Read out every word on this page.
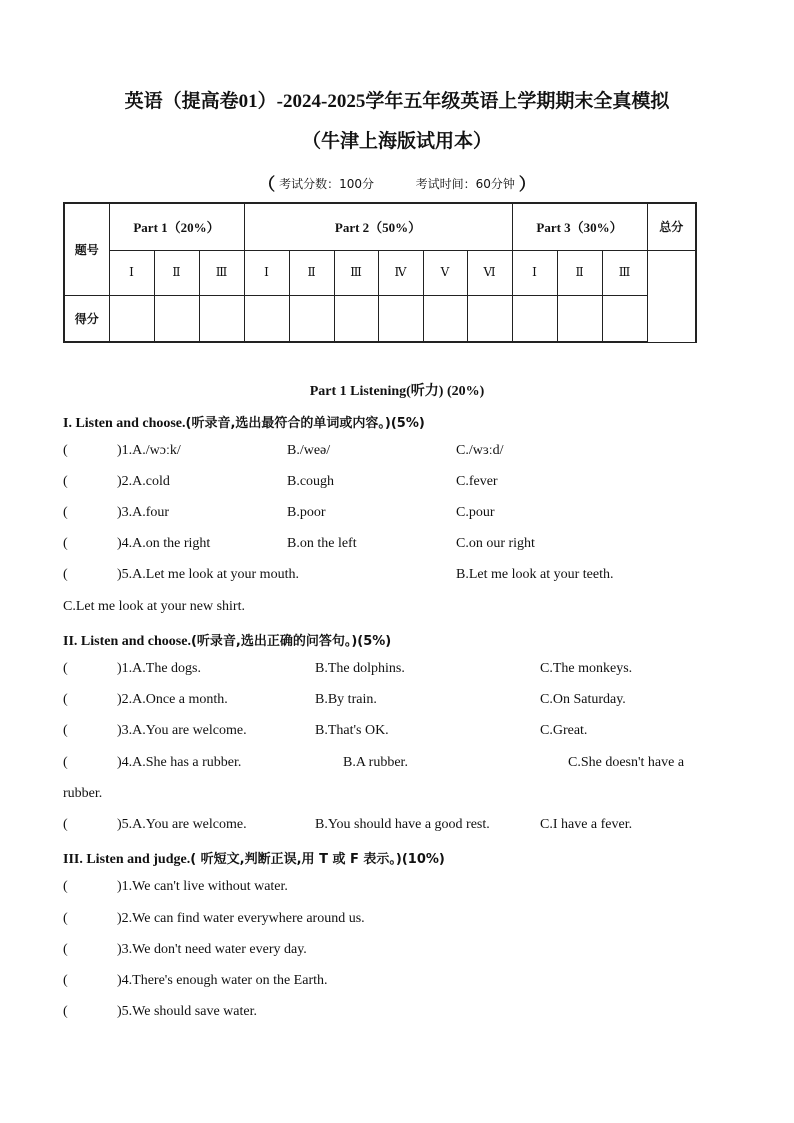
英语（提高卷01）-2024-2025学年五年级英语上学期期末全真模拟
（牛津上海版试用本）
（ 考试分数：100分	考试时间：60分钟 ）
题号	Part 1（20%）			Part 2（50%）						Part 3（30%）			总分
	Ⅰ	Ⅱ	Ⅲ	Ⅰ	Ⅱ	Ⅲ	Ⅳ	Ⅴ	Ⅵ	Ⅰ	Ⅱ	Ⅲ	
得分													
Part 1 Listening(听力) (20%)
I. Listen and choose.(听录音,选出最符合的单词或内容。)(5%)
(	)1.A./wɔːk/	B./weə/	C./wɜːd/
(	)2.A.cold	B.cough	C.fever
(	)3.A.four	B.poor	C.pour
(	)4.A.on the right	B.on the left	C.on our right
(	)5.A.Let me look at your mouth.	B.Let me look at your teeth.
C.Let me look at your new shirt.
II. Listen and choose.(听录音,选出正确的问答句。)(5%)
(	)1.A.The dogs.	B.The dolphins.	C.The monkeys.
(	)2.A.Once a month.	B.By train.	C.On Saturday.
(	)3.A.You are welcome.	B.That's OK.	C.Great.
(	)4.A.She has a rubber.	B.A rubber.	C.She doesn't have a
rubber.
(	)5.A.You are welcome.	B.You should have a good rest.	C.I have a fever.
III. Listen and judge.( 听短文,判断正误,用 T 或 F 表示。)(10%)
(	)1.We can't live without water.
(	)2.We can find water everywhere around us.
(	)3.We don't need water every day.
(	)4.There's enough water on the Earth.
(	)5.We should save water.
